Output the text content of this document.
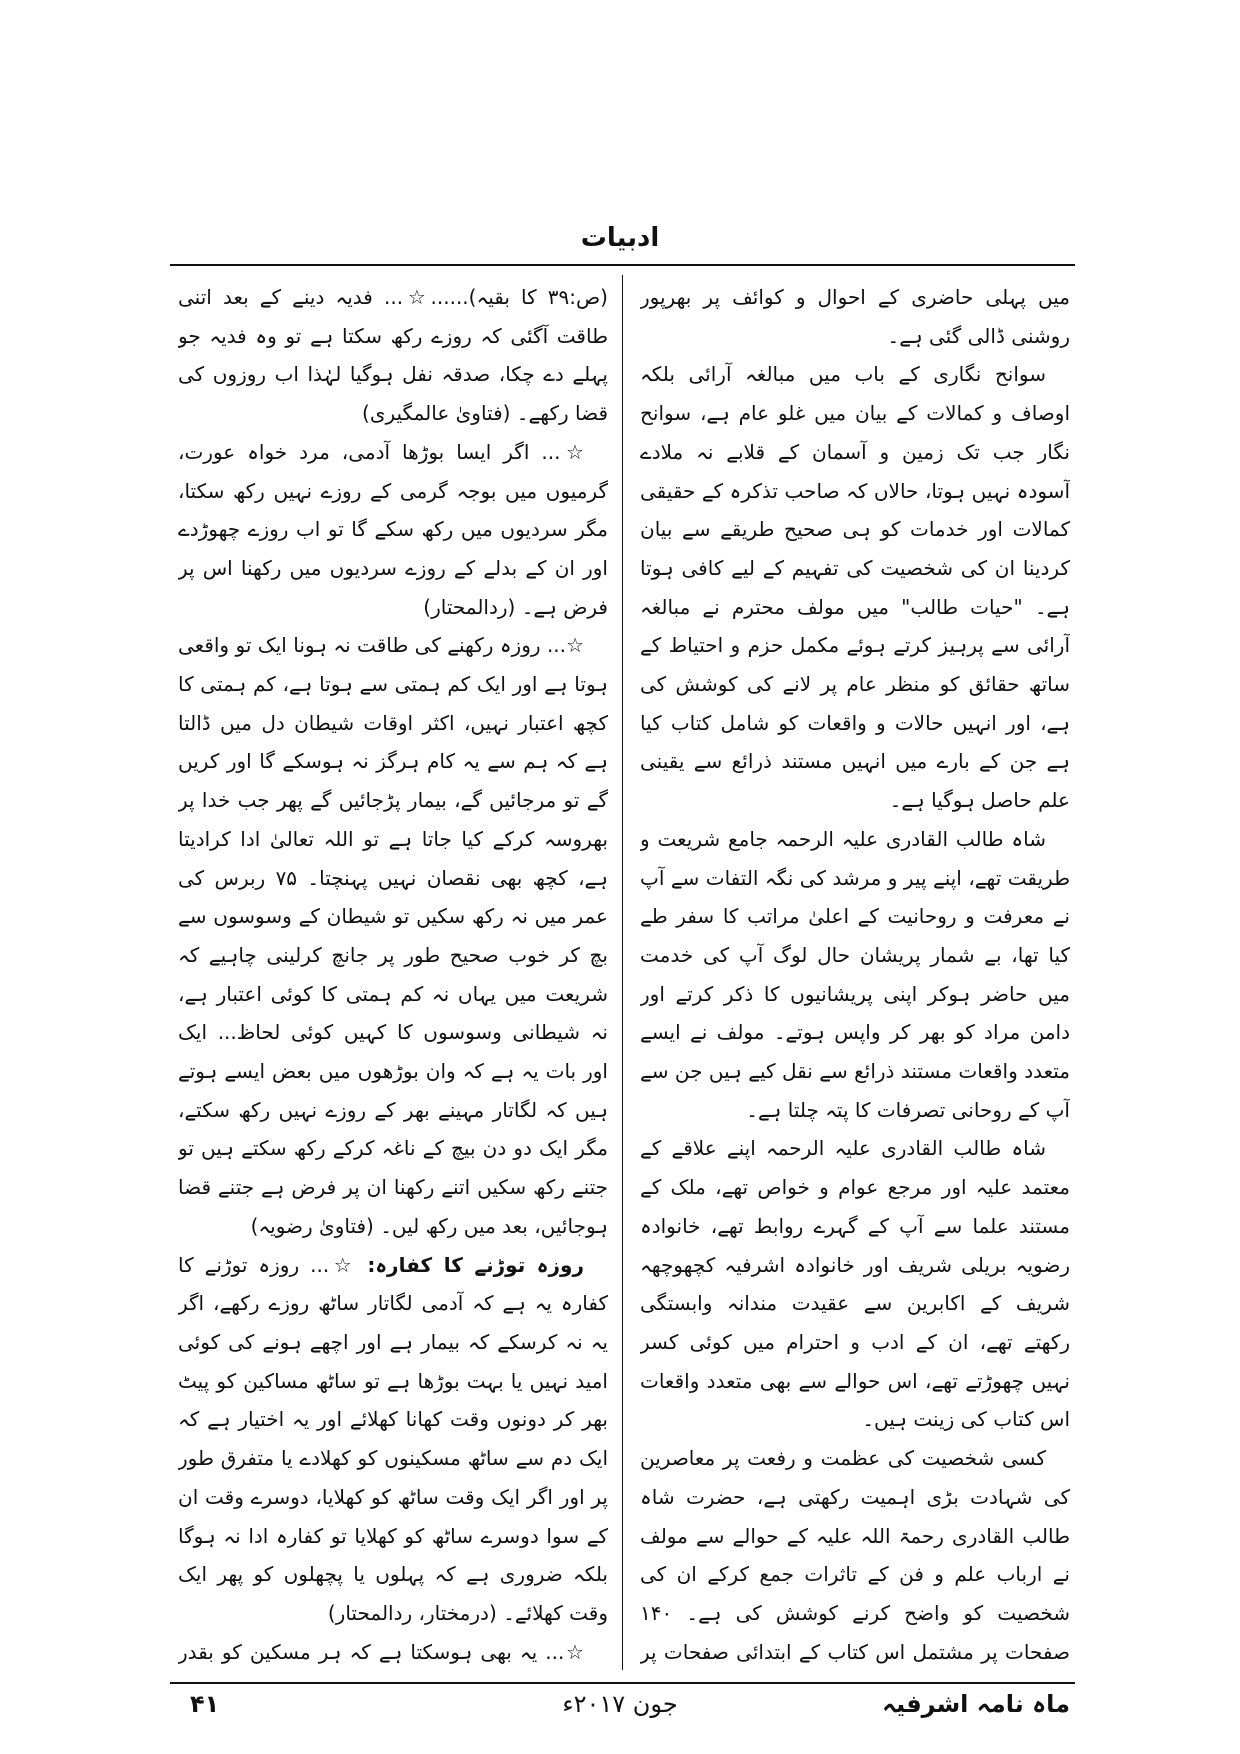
ادبیات

میں پہلی حاضری کے احوال و کوائف پر بھرپور روشنی ڈالی گئی ہے۔

سوانح نگاری کے باب میں مبالغہ آرائی بلکہ اوصاف و کمالات کے بیان میں غلو عام ہے، سوانح نگار جب تک زمین و آسمان کے قلابے نہ ملادے آسودہ نہیں ہوتا، حالاں کہ صاحب تذکرہ کے حقیقی کمالات اور خدمات کو ہی صحیح طریقے سے بیان کردینا ان کی شخصیت کی تفہیم کے لیے کافی ہوتا ہے۔ "حیات طالب" میں مولف محترم نے مبالغہ آرائی سے پرہیز کرتے ہوئے مکمل حزم و احتیاط کے ساتھ حقائق کو منظر عام پر لانے کی کوشش کی ہے، اور انہیں حالات و واقعات کو شامل کتاب کیا ہے جن کے بارے میں انہیں مستند ذرائع سے یقینی علم حاصل ہوگیا ہے۔

شاہ طالب القادری علیہ الرحمہ جامع شریعت و طریقت تھے، اپنے پیر و مرشد کی نگہ التفات سے آپ نے معرفت و روحانیت کے اعلیٰ مراتب کا سفر طے کیا تھا، بے شمار پریشان حال لوگ آپ کی خدمت میں حاضر ہوکر اپنی پریشانیوں کا ذکر کرتے اور دامن مراد کو بھر کر واپس ہوتے۔ مولف نے ایسے متعدد واقعات مستند ذرائع سے نقل کیے ہیں جن سے آپ کے روحانی تصرفات کا پتہ چلتا ہے۔

شاہ طالب القادری علیہ الرحمہ اپنے علاقے کے معتمد علیہ اور مرجع عوام و خواص تھے، ملک کے مستند علما سے آپ کے گہرے روابط تھے، خانوادہ رضویہ بریلی شریف اور خانوادہ اشرفیہ کچھوچھہ شریف کے اکابرین سے عقیدت مندانہ وابستگی رکھتے تھے، ان کے ادب و احترام میں کوئی کسر نہیں چھوڑتے تھے، اس حوالے سے بھی متعدد واقعات اس کتاب کی زینت ہیں۔

کسی شخصیت کی عظمت و رفعت پر معاصرین کی شہادت بڑی اہمیت رکھتی ہے، حضرت شاہ طالب القادری رحمۃ اللہ علیہ کے حوالے سے مولف نے ارباب علم و فن کے تاثرات جمع کرکے ان کی شخصیت کو واضح کرنے کوشش کی ہے۔ ۱۴۰ صفحات پر مشتمل اس کتاب کے ابتدائی صفحات پر

(ص:۳۹ کا بقیہ)......☆... فدیہ دینے کے بعد اتنی طاقت آگئی کہ روزے رکھ سکتا ہے تو وہ فدیہ جو پہلے دے چکا، صدقہ نفل ہوگیا لہٰذا اب روزوں کی قضا رکھے۔ (فتاویٰ عالمگیری)

☆... اگر ایسا بوڑھا آدمی، مرد خواہ عورت، گرمیوں میں بوجہ گرمی کے روزے نہیں رکھ سکتا، مگر سردیوں میں رکھ سکے گا تو اب روزے چھوڑدے اور ان کے بدلے کے روزے سردیوں میں رکھنا اس پر فرض ہے۔ (ردالمحتار)

☆... روزہ رکھنے کی طاقت نہ ہونا ایک تو واقعی ہوتا ہے اور ایک کم ہمتی سے ہوتا ہے، کم ہمتی کا کچھ اعتبار نہیں، اکثر اوقات شیطان دل میں ڈالتا ہے کہ ہم سے یہ کام ہرگز نہ ہوسکے گا اور کریں گے تو مرجائیں گے، بیمار پڑجائیں گے پھر جب خدا پر بھروسہ کرکے کیا جاتا ہے تو اللہ تعالیٰ ادا کرادیتا ہے، کچھ بھی نقصان نہیں پہنچتا۔ ۷۵ ربرس کی عمر میں نہ رکھ سکیں تو شیطان کے وسوسوں سے بچ کر خوب صحیح طور پر جانچ کرلینی چاہیے کہ شریعت میں یہاں نہ کم ہمتی کا کوئی اعتبار ہے، نہ شیطانی وسوسوں کا کہیں کوئی لحاظ... ایک اور بات یہ ہے کہ وان بوڑھوں میں بعض ایسے ہوتے ہیں کہ لگاتار مہینے بھر کے روزے نہیں رکھ سکتے، مگر ایک دو دن بیچ کے ناغہ کرکے رکھ سکتے ہیں تو جتنے رکھ سکیں اتنے رکھنا ان پر فرض ہے جتنے قضا ہوجائیں، بعد میں رکھ لیں۔ (فتاویٰ رضویہ)

روزہ توڑنے کا کفارہ: ☆... روزہ توڑنے کا کفارہ یہ ہے کہ آدمی لگاتار ساٹھ روزے رکھے، اگر یہ نہ کرسکے کہ بیمار ہے اور اچھے ہونے کی کوئی امید نہیں یا بہت بوڑھا ہے تو ساٹھ مساکین کو پیٹ بھر کر دونوں وقت کھانا کھلائے اور یہ اختیار ہے کہ ایک دم سے ساٹھ مسکینوں کو کھلادے یا متفرق طور پر اور اگر ایک وقت ساٹھ کو کھلایا، دوسرے وقت ان کے سوا دوسرے ساٹھ کو کھلایا تو کفارہ ادا نہ ہوگا بلکہ ضروری ہے کہ پہلوں یا پچھلوں کو پھر ایک وقت کھلائے۔ (درمختار، ردالمحتار)

☆... یہ بھی ہوسکتا ہے کہ ہر مسکین کو بقدر

ماہ نامہ اشرفیہ
جون ۲۰۱۷ء
۴۱
